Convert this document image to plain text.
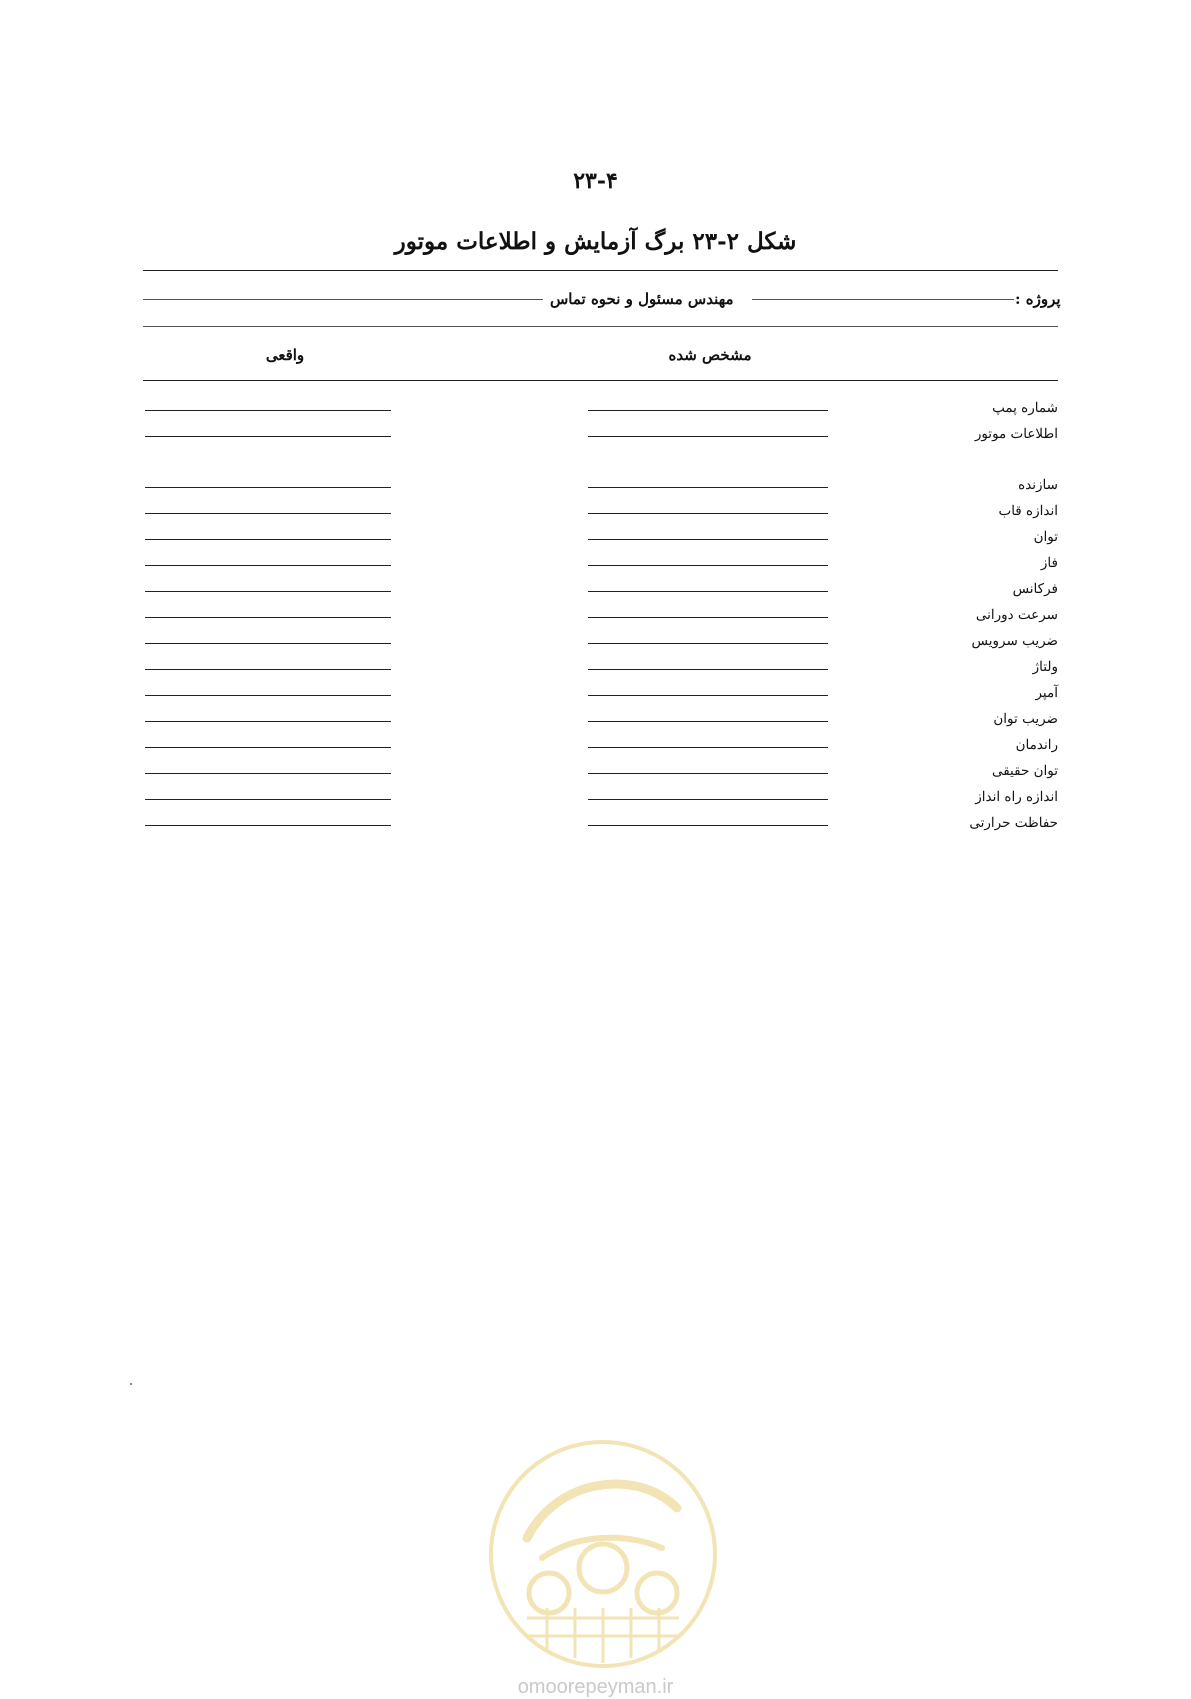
۲۳-۴
شکل ۲-۲۳ برگ آزمایش و اطلاعات موتور
مهندس مسئول و نحوه تماس	پروژه :
مشخص شده
واقعی
شماره پمپ
اطلاعات موتور
سازنده
اندازه قاب
توان
فاز
فرکانس
سرعت دورانی
ضریب سرویس
ولتاژ
آمپر
ضریب توان
راندمان
توان حقیقی
اندازه راه انداز
حفاظت حرارتی
omoorepeyman.ir
